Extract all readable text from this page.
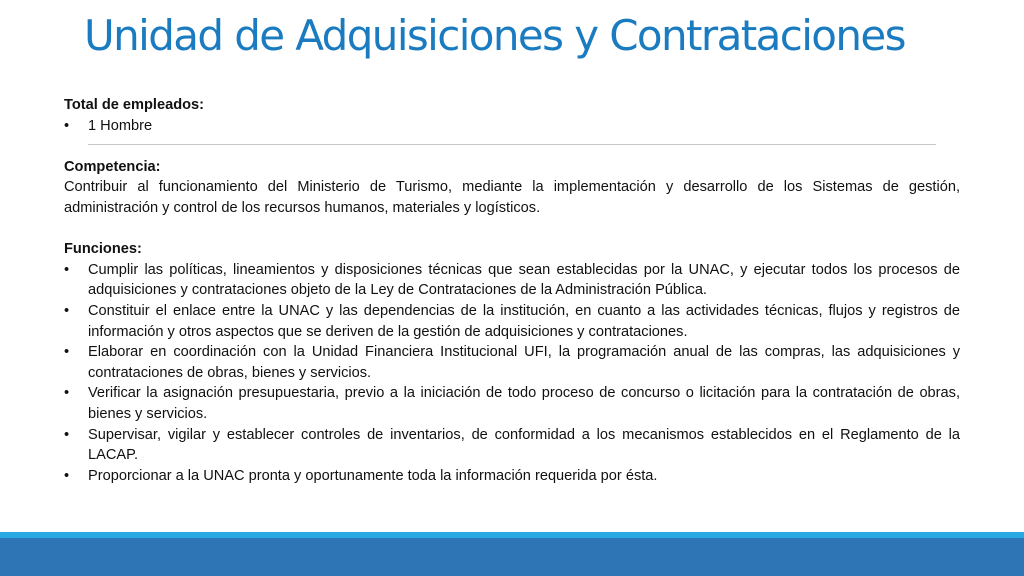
Unidad de Adquisiciones y Contrataciones

Total de empleados:

• 1 Hombre

Competencia:

Contribuir al funcionamiento del Ministerio de Turismo, mediante la implementación y desarrollo de los Sistemas de gestión, administración y control de los recursos humanos, materiales y logísticos.

Funciones:

• Cumplir las políticas, lineamientos y disposiciones técnicas que sean establecidas por la UNAC, y ejecutar todos los procesos de adquisiciones y contrataciones objeto de la Ley de Contrataciones de la Administración Pública.
• Constituir el enlace entre la UNAC y las dependencias de la institución, en cuanto a las actividades técnicas, flujos y registros de información y otros aspectos que se deriven de la gestión de adquisiciones y contrataciones.
• Elaborar en coordinación con la Unidad Financiera Institucional UFI, la programación anual de las compras, las adquisiciones y contrataciones de obras, bienes y servicios.
• Verificar la asignación presupuestaria, previo a la iniciación de todo proceso de concurso o licitación para la contratación de obras, bienes y servicios.
• Supervisar, vigilar y establecer controles de inventarios, de conformidad a los mecanismos establecidos en el Reglamento de la LACAP.
• Proporcionar a la UNAC pronta y oportunamente toda la información requerida por ésta.
